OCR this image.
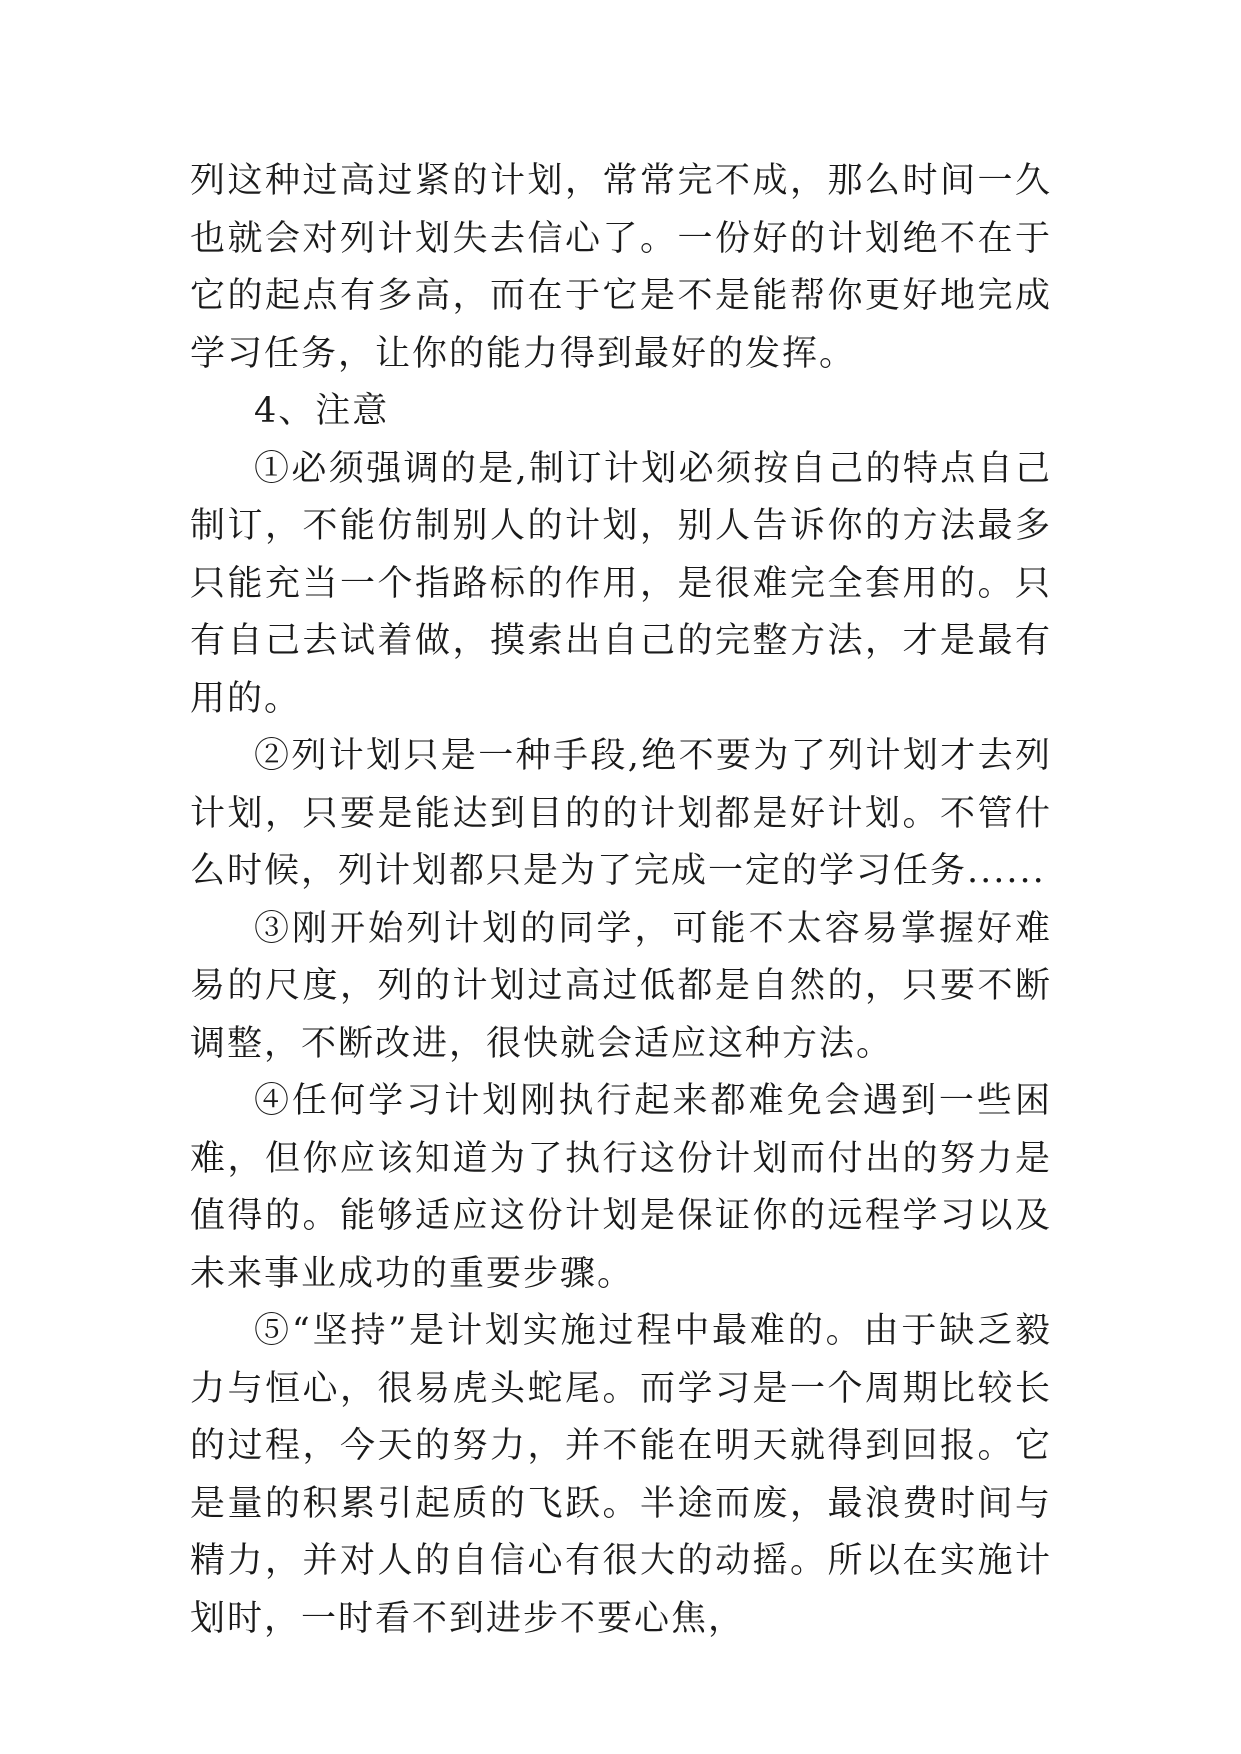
列这种过高过紧的计划，常常完不成，那么时间一久也就会对列计划失去信心了。一份好的计划绝不在于它的起点有多高，而在于它是不是能帮你更好地完成学习任务，让你的能力得到最好的发挥。

4、注意

①必须强调的是,制订计划必须按自己的特点自己制订，不能仿制别人的计划，别人告诉你的方法最多只能充当一个指路标的作用，是很难完全套用的。只有自己去试着做，摸索出自己的完整方法，才是最有用的。

②列计划只是一种手段,绝不要为了列计划才去列计划，只要是能达到目的的计划都是好计划。不管什么时候，列计划都只是为了完成一定的学习任务......

③刚开始列计划的同学，可能不太容易掌握好难易的尺度，列的计划过高过低都是自然的，只要不断调整，不断改进，很快就会适应这种方法。

④任何学习计划刚执行起来都难免会遇到一些困难，但你应该知道为了执行这份计划而付出的努力是值得的。能够适应这份计划是保证你的远程学习以及未来事业成功的重要步骤。

⑤“坚持”是计划实施过程中最难的。由于缺乏毅力与恒心，很易虎头蛇尾。而学习是一个周期比较长的过程，今天的努力，并不能在明天就得到回报。它是量的积累引起质的飞跃。半途而废，最浪费时间与精力，并对人的自信心有很大的动摇。所以在实施计划时，一时看不到进步不要心焦，
